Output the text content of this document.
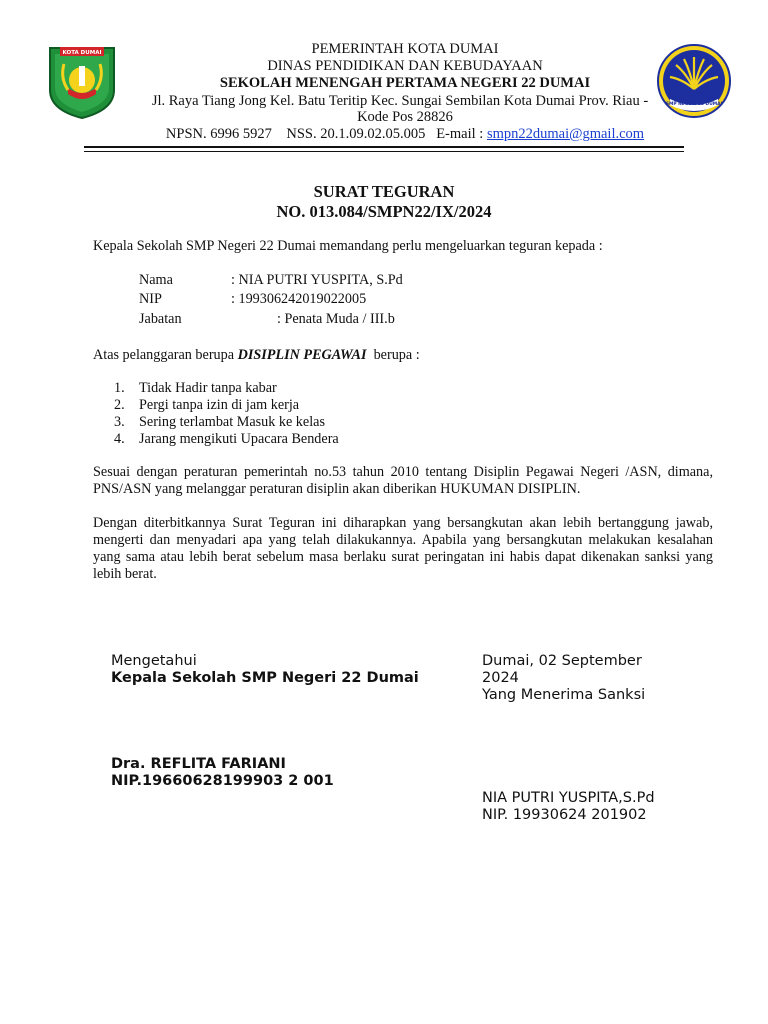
KOTA DUMAI
SMP NEGERI 22 DUMAI
PEMERINTAH KOTA DUMAI
DINAS PENDIDIKAN DAN KEBUDAYAAN
SEKOLAH MENENGAH PERTAMA NEGERI 22 DUMAI
Jl. Raya Tiang Jong Kel. Batu Teritip Kec. Sungai Sembilan Kota Dumai Prov. Riau -
Kode Pos 28826
NPSN. 6996 5927    NSS. 20.1.09.02.05.005   E-mail : smpn22dumai@gmail.com
SURAT TEGURAN
NO. 013.084/SMPN22/IX/2024
Kepala Sekolah SMP Negeri 22 Dumai memandang perlu mengeluarkan teguran kepada :
Nama	: NIA PUTRI YUSPITA, S.Pd
NIP	: 199306242019022005
Jabatan	: Penata Muda / III.b
Atas pelanggaran berupa DISIPLIN PEGAWAI  berupa :
1. Tidak Hadir tanpa kabar
2. Pergi tanpa izin di jam kerja
3. Sering terlambat Masuk ke kelas
4. Jarang mengikuti Upacara Bendera
Sesuai dengan peraturan pemerintah no.53 tahun 2010 tentang Disiplin Pegawai Negeri /ASN, dimana, PNS/ASN yang melanggar peraturan disiplin akan diberikan HUKUMAN DISIPLIN.
Dengan diterbitkannya Surat Teguran ini diharapkan yang bersangkutan akan lebih bertanggung jawab, mengerti dan menyadari apa yang telah dilakukannya. Apabila yang bersangkutan melakukan kesalahan yang sama atau lebih berat sebelum masa berlaku surat peringatan ini habis dapat dikenakan sanksi yang lebih berat.
Mengetahui
Kepala Sekolah SMP Negeri 22 Dumai
Dra. REFLITA FARIANI
NIP.19660628199903 2 001
Dumai, 02 September 2024
Yang Menerima Sanksi
NIA PUTRI YUSPITA,S.Pd
NIP. 19930624 201902
